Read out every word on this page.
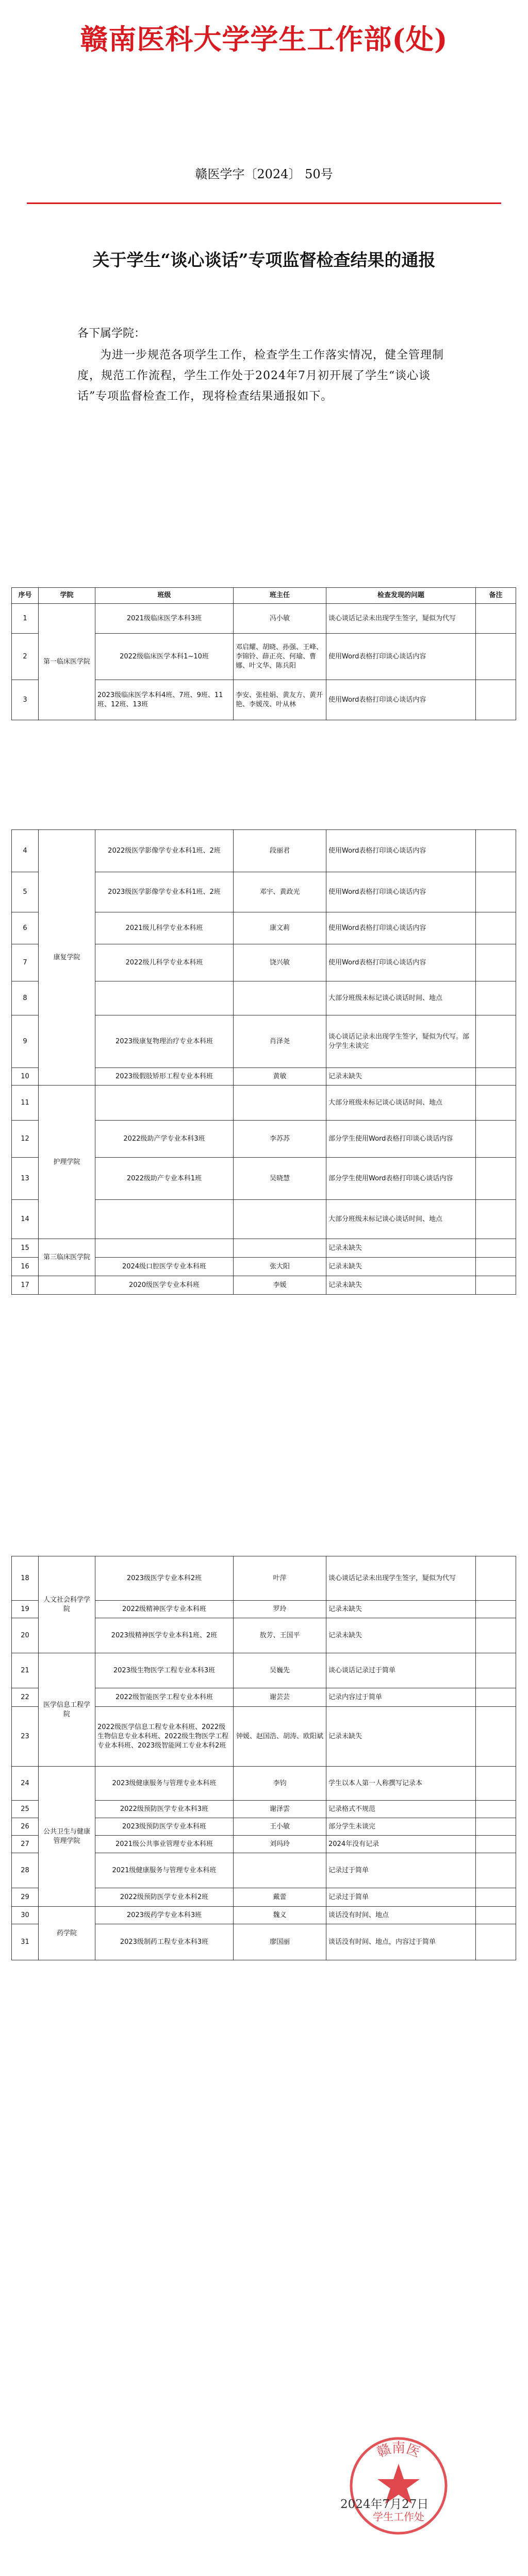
赣南医科大学学生工作部(处)
赣医学字〔2024〕 50号
关于学生“谈心谈话”专项监督检查结果的通报
各下属学院：
为进一步规范各项学生工作，检查学生工作落实情况，健全管理制度，规范工作流程，学生工作处于2024年7月初开展了学生“谈心谈话”专项监督检查工作，现将检查结果通报如下。
序号	学院	班级	班主任	检查发现的问题	备注
1	第一临床医学院	2021级临床医学本科3班	冯小敏	谈心谈话记录未出现学生签字，疑似为代写	
2		2022级临床医学本科1~10班	邓启耀、胡晓、孙强、王峰、李锦铃、薛正亮、何瑜、曹娜、叶文华、陈兵阳	使用Word表格打印谈心谈话内容	
3		2023级临床医学本科4班、7班、9班、11班、12班、13班	李安、张桂娟、黄友方、黄开艳、李媛茂、叶从林	使用Word表格打印谈心谈话内容	
4	康复学院	2022级医学影像学专业本科1班、2班	段丽君	使用Word表格打印谈心谈话内容	
5		2023级医学影像学专业本科1班、2班	邓宇、黄政光	使用Word表格打印谈心谈话内容	
6		2021级儿科学专业本科班	康文莉	使用Word表格打印谈心谈话内容	
7		2022级儿科学专业本科班	饶兴敏	使用Word表格打印谈心谈话内容	
8				大部分班级未标记谈心谈话时间、地点	
9		2023级康复物理治疗专业本科班	肖泽尧	谈心谈话记录未出现学生签字，疑似为代写。部分学生未谈完	
10		2023级假肢矫形工程专业本科班	黄敏	记录未缺失	
11	护理学院			大部分班级未标记谈心谈话时间、地点	
12		2022级助产学专业本科3班	李苏苏	部分学生使用Word表格打印谈心谈话内容	
13		2022级助产专业本科1班	吴晓慧	部分学生使用Word表格打印谈心谈话内容	
14				大部分班级未标记谈心谈话时间、地点	
15	第三临床医学院			记录未缺失	
16		2024级口腔医学专业本科班	张大阳	记录未缺失	
17		2020级医学专业本科班	李媛	记录未缺失	
18	人文社会科学学院	2023级医学专业本科2班	叶萍	谈心谈话记录未出现学生签字，疑似为代写	
19		2022级精神医学专业本科班	罗玲	记录未缺失	
20		2023级精神医学专业本科1班、2班	敖芳、王国平	记录未缺失	
21	医学信息工程学院	2023级生物医学工程专业本科3班	吴巍先	谈心谈话记录过于简单	
22		2022级智能医学工程专业本科班	谢芸芸	记录内容过于简单	
23		2022级医学信息工程专业本科班、2022级生物信息专业本科班、2022级生物医学工程专业本科班、2023级智能网工专业本科2班	钟媛、赵国浩、胡涛、欧阳斌	记录未缺失	
24	公共卫生与健康管理学院	2023级健康服务与管理专业本科班	李钧	学生以本人第一人称撰写记录本	
25		2022级预防医学专业本科3班	谢泽雲	记录格式不规范	
26		2023级预防医学专业本科班	王小敏	部分学生未谈完	
27		2021级公共事业管理专业本科班	刘玛玲	2024年没有记录	
28		2021级健康服务与管理专业本科班		记录过于简单	
29		2022级预防医学专业本科2班	戴蕾	记录过于简单	
30	药学院	2023级药学专业本科3班	魏义	谈话没有时间、地点	
31		2023级制药工程专业本科3班	廖国丽	谈话没有时间、地点，内容过于简单	
赣南医
学生工作处
2024年7月27日
